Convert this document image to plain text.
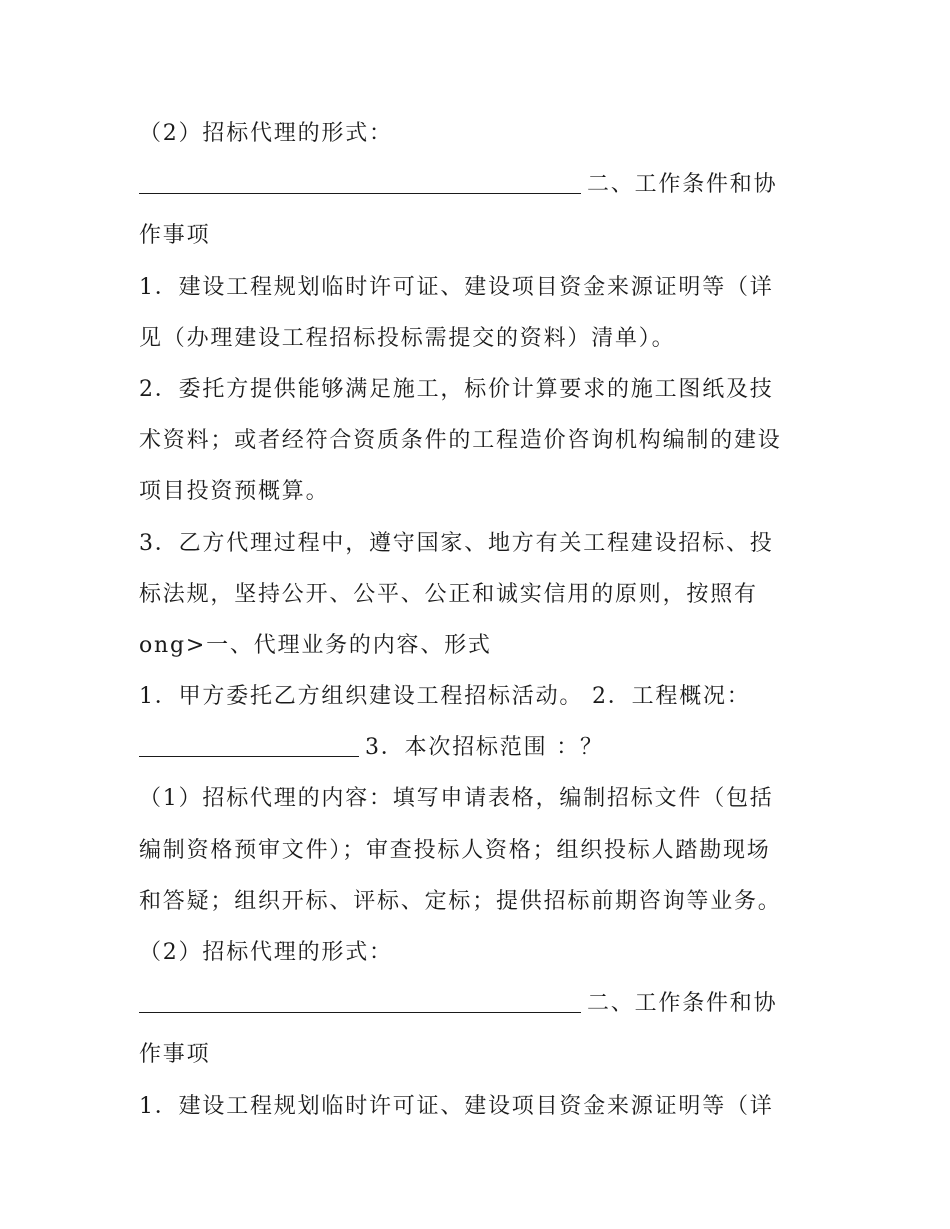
（2）招标代理的形式：
二、工作条件和协
作事项
1．建设工程规划临时许可证、建设项目资金来源证明等（详
见（办理建设工程招标投标需提交的资料）清单）。
2．委托方提供能够满足施工，标价计算要求的施工图纸及技
术资料；或者经符合资质条件的工程造价咨询机构编制的建设
项目投资预概算。
3．乙方代理过程中，遵守国家、地方有关工程建设招标、投
标法规，坚持公开、公平、公正和诚实信用的原则，按照有
ong>一、代理业务的内容、形式
1．甲方委托乙方组织建设工程招标活动。 2．工程概况：
3．本次招标范围 ：？
（1）招标代理的内容：填写申请表格，编制招标文件（包括
编制资格预审文件）；审查投标人资格；组织投标人踏勘现场
和答疑；组织开标、评标、定标；提供招标前期咨询等业务。
（2）招标代理的形式：
二、工作条件和协
作事项
1．建设工程规划临时许可证、建设项目资金来源证明等（详
